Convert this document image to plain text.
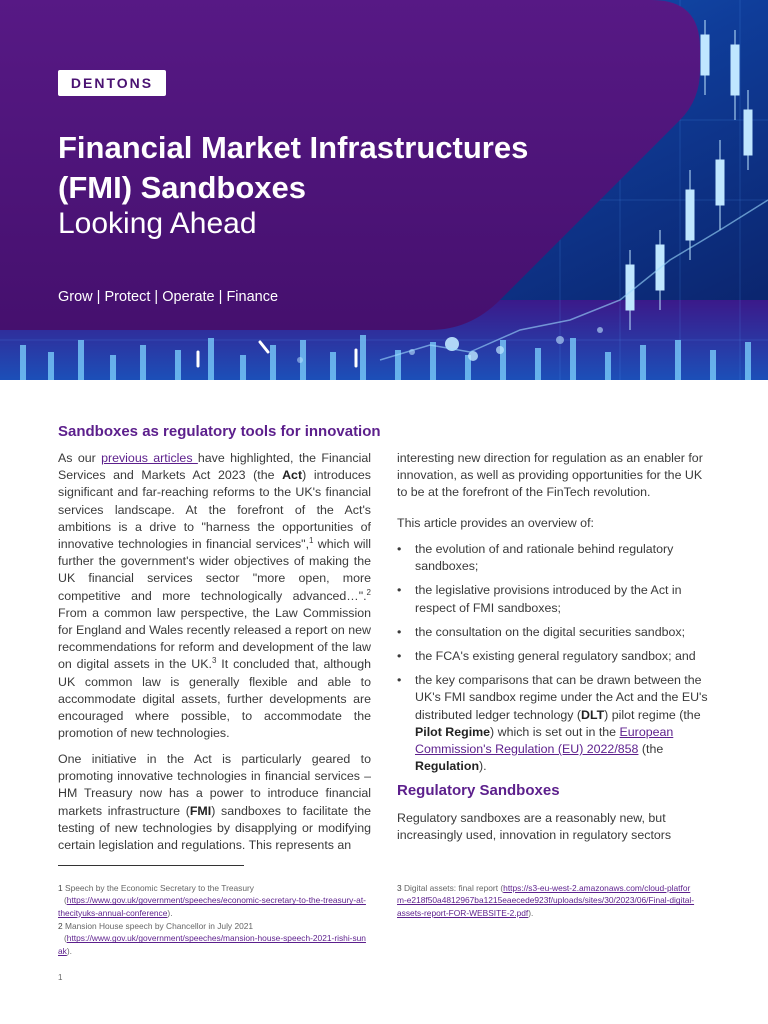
DENTONS
Financial Market Infrastructures
(FMI) Sandboxes
Looking Ahead
Grow | Protect | Operate | Finance
Sandboxes as regulatory tools for innovation

As our previous articles have highlighted, the Financial Services and Markets Act 2023 (the Act) introduces significant and far-reaching reforms to the UK's financial services landscape. At the forefront of the Act's ambitions is a drive to "harness the opportunities of innovative technologies in financial services",$^1$ which will further the government's wider objectives of making the UK financial services sector "more open, more competitive and more technologically advanced…".$^2$ From a common law perspective, the Law Commission for England and Wales recently released a report on new recommendations for reform and development of the law on digital assets in the UK.$^3$ It concluded that, although UK common law is generally flexible and able to accommodate digital assets, further developments are encouraged where possible, to accommodate the promotion of new technologies.

One initiative in the Act is particularly geared to promoting innovative technologies in financial services – HM Treasury now has a power to introduce financial markets infrastructure (FMI) sandboxes to facilitate the testing of new technologies by disapplying or modifying certain legislation and regulations. This represents an

1 Speech by the Economic Secretary to the Treasury
(https://www.gov.uk/government/speeches/economic-secretary-to-the-treasury-at-thecityuks-annual-conference).
2 Mansion House speech by Chancellor in July 2021
(https://www.gov.uk/government/speeches/mansion-house-speech-2021-rishi-sunak).
1

interesting new direction for regulation as an enabler for innovation, as well as providing opportunities for the UK to be at the forefront of the FinTech revolution.

This article provides an overview of:

• the evolution of and rationale behind regulatory sandboxes;
• the legislative provisions introduced by the Act in respect of FMI sandboxes;
• the consultation on the digital securities sandbox;
• the FCA's existing general regulatory sandbox; and
• the key comparisons that can be drawn between the UK's FMI sandbox regime under the Act and the EU's distributed ledger technology (DLT) pilot regime (the Pilot Regime) which is set out in the European Commission's Regulation (EU) 2022/858 (the Regulation).
Regulatory Sandboxes

Regulatory sandboxes are a reasonably new, but increasingly used, innovation in regulatory sectors

3 Digital assets: final report (https://s3-eu-west-2.amazonaws.com/cloud-platform-e218f50a4812967ba1215eaecede923f/uploads/sites/30/2023/06/Final-digital-assets-report-FOR-WEBSITE-2.pdf).
